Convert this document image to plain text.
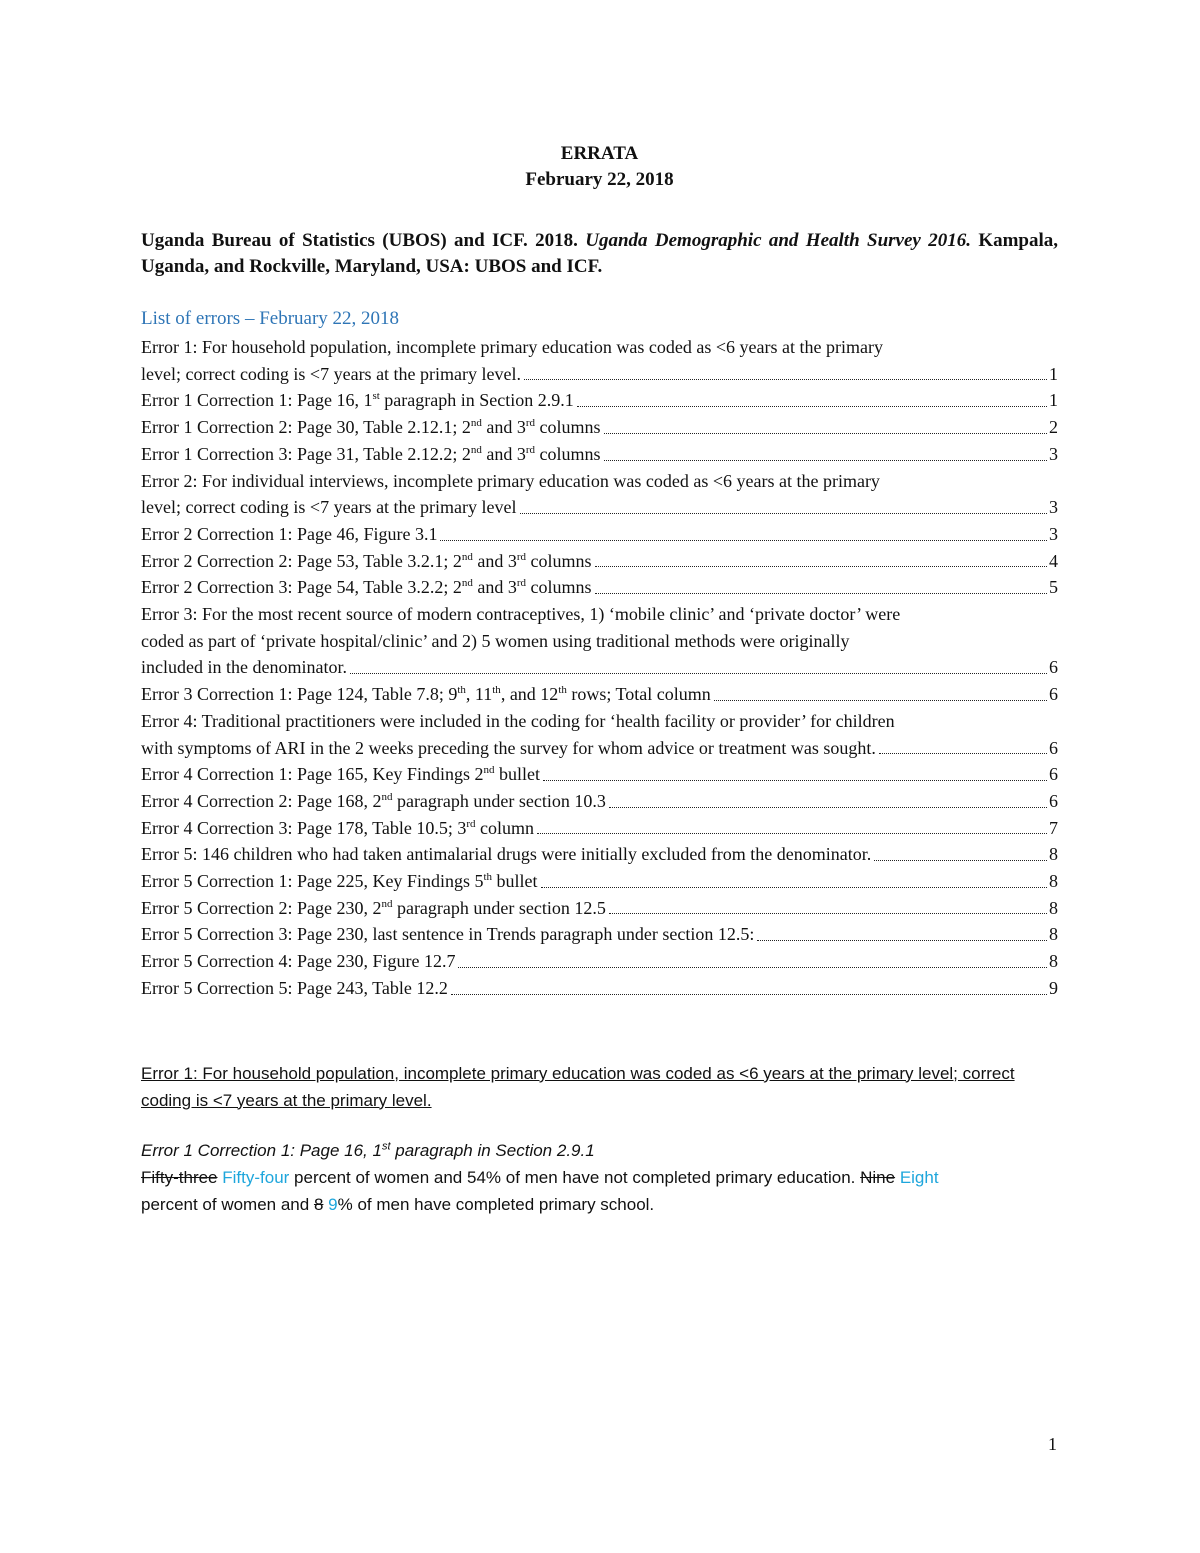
ERRATA

February 22, 2018

Uganda Bureau of Statistics (UBOS) and ICF. 2018. Uganda Demographic and Health Survey 2016. Kampala, Uganda, and Rockville, Maryland, USA: UBOS and ICF.

List of errors – February 22, 2018

Error 1: For household population, incomplete primary education was coded as <6 years at the primary
level; correct coding is <7 years at the primary level.	1
Error 1 Correction 1: Page 16, 1st paragraph in Section 2.9.1	1
Error 1 Correction 2: Page 30, Table 2.12.1; 2nd and 3rd columns	2
Error 1 Correction 3: Page 31, Table 2.12.2; 2nd and 3rd columns	3
Error 2: For individual interviews, incomplete primary education was coded as <6 years at the primary
level; correct coding is <7 years at the primary level	3
Error 2 Correction 1: Page 46, Figure 3.1	3
Error 2 Correction 2: Page 53, Table 3.2.1; 2nd and 3rd columns	4
Error 2 Correction 3: Page 54, Table 3.2.2; 2nd and 3rd columns	5
Error 3: For the most recent source of modern contraceptives, 1) ‘mobile clinic’ and ‘private doctor’ were
coded as part of ‘private hospital/clinic’ and 2) 5 women using traditional methods were originally
included in the denominator.	6
Error 3 Correction 1: Page 124, Table 7.8; 9th, 11th, and 12th rows; Total column	6
Error 4: Traditional practitioners were included in the coding for ‘health facility or provider’ for children
with symptoms of ARI in the 2 weeks preceding the survey for whom advice or treatment was sought.	6
Error 4 Correction 1: Page 165, Key Findings 2nd bullet	6
Error 4 Correction 2: Page 168, 2nd paragraph under section 10.3	6
Error 4 Correction 3: Page 178, Table 10.5; 3rd column	7
Error 5: 146 children who had taken antimalarial drugs were initially excluded from the denominator.	8
Error 5 Correction 1: Page 225, Key Findings 5th bullet	8
Error 5 Correction 2: Page 230, 2nd paragraph under section 12.5	8
Error 5 Correction 3: Page 230, last sentence in Trends paragraph under section 12.5:	8
Error 5 Correction 4: Page 230, Figure 12.7	8
Error 5 Correction 5: Page 243, Table 12.2	9

Error 1: For household population, incomplete primary education was coded as <6 years at the primary level; correct coding is <7 years at the primary level.

Error 1 Correction 1: Page 16, 1st paragraph in Section 2.9.1

Fifty-three Fifty-four percent of women and 54% of men have not completed primary education. Nine Eight
percent of women and 8 9% of men have completed primary school.

1
